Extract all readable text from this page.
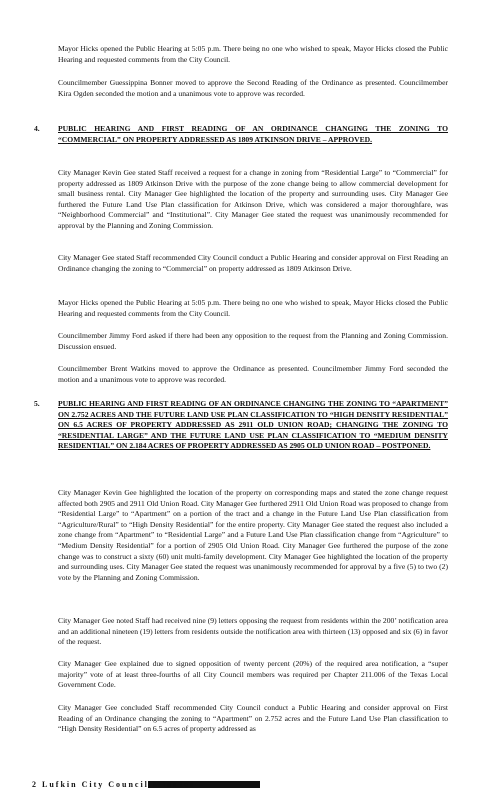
Mayor Hicks opened the Public Hearing at 5:05 p.m. There being no one who wished to speak, Mayor Hicks closed the Public Hearing and requested comments from the City Council.

Councilmember Guessippina Bonner moved to approve the Second Reading of the Ordinance as presented. Councilmember Kira Ogden seconded the motion and a unanimous vote to approve was recorded.

4.	PUBLIC HEARING AND FIRST READING OF AN ORDINANCE CHANGING THE ZONING TO “COMMERCIAL” ON PROPERTY ADDRESSED AS 1809 ATKINSON DRIVE – APPROVED.

City Manager Kevin Gee stated Staff received a request for a change in zoning from “Residential Large” to “Commercial” for property addressed as 1809 Atkinson Drive with the purpose of the zone change being to allow commercial development for small business rental. City Manager Gee highlighted the location of the property and surrounding uses. City Manager Gee furthered the Future Land Use Plan classification for Atkinson Drive, which was considered a major thoroughfare, was “Neighborhood Commercial” and “Institutional”. City Manager Gee stated the request was unanimously recommended for approval by the Planning and Zoning Commission.

City Manager Gee stated Staff recommended City Council conduct a Public Hearing and consider approval on First Reading an Ordinance changing the zoning to “Commercial” on property addressed as 1809 Atkinson Drive.

Mayor Hicks opened the Public Hearing at 5:05 p.m. There being no one who wished to speak, Mayor Hicks closed the Public Hearing and requested comments from the City Council.

Councilmember Jimmy Ford asked if there had been any opposition to the request from the Planning and Zoning Commission. Discussion ensued.

Councilmember Brent Watkins moved to approve the Ordinance as presented. Councilmember Jimmy Ford seconded the motion and a unanimous vote to approve was recorded.

5.	PUBLIC HEARING AND FIRST READING OF AN ORDINANCE CHANGING THE ZONING TO “APARTMENT” ON 2.752 ACRES AND THE FUTURE LAND USE PLAN CLASSIFICATION TO “HIGH DENSITY RESIDENTIAL” ON 6.5 ACRES OF PROPERTY ADDRESSED AS 2911 OLD UNION ROAD; CHANGING THE ZONING TO “RESIDENTIAL LARGE” AND THE FUTURE LAND USE PLAN CLASSIFICATION TO “MEDIUM DENSITY RESIDENTIAL” ON 2.184 ACRES OF PROPERTY ADDRESSED AS 2905 OLD UNION ROAD – POSTPONED.

City Manager Kevin Gee highlighted the location of the property on corresponding maps and stated the zone change request affected both 2905 and 2911 Old Union Road. City Manager Gee furthered 2911 Old Union Road was proposed to change from “Residential Large” to “Apartment” on a portion of the tract and a change in the Future Land Use Plan classification from “Agriculture/Rural” to “High Density Residential” for the entire property. City Manager Gee stated the request also included a zone change from “Apartment” to “Residential Large” and a Future Land Use Plan classification change from “Agriculture” to “Medium Density Residential” for a portion of 2905 Old Union Road. City Manager Gee furthered the purpose of the zone change was to construct a sixty (60) unit multi-family development. City Manager Gee highlighted the location of the property and surrounding uses. City Manager Gee stated the request was unanimously recommended for approval by a five (5) to two (2) vote by the Planning and Zoning Commission.

City Manager Gee noted Staff had received nine (9) letters opposing the request from residents within the 200’ notification area and an additional nineteen (19) letters from residents outside the notification area with thirteen (13) opposed and six (6) in favor of the request.

City Manager Gee explained due to signed opposition of twenty percent (20%) of the required area notification, a “super majority” vote of at least three-fourths of all City Council members was required per Chapter 211.006 of the Texas Local Government Code.

City Manager Gee concluded Staff recommended City Council conduct a Public Hearing and consider approval on First Reading of an Ordinance changing the zoning to “Apartment” on 2.752 acres and the Future Land Use Plan classification to “High Density Residential” on 6.5 acres of property addressed as

2 Lufkin City Council Minutes –
